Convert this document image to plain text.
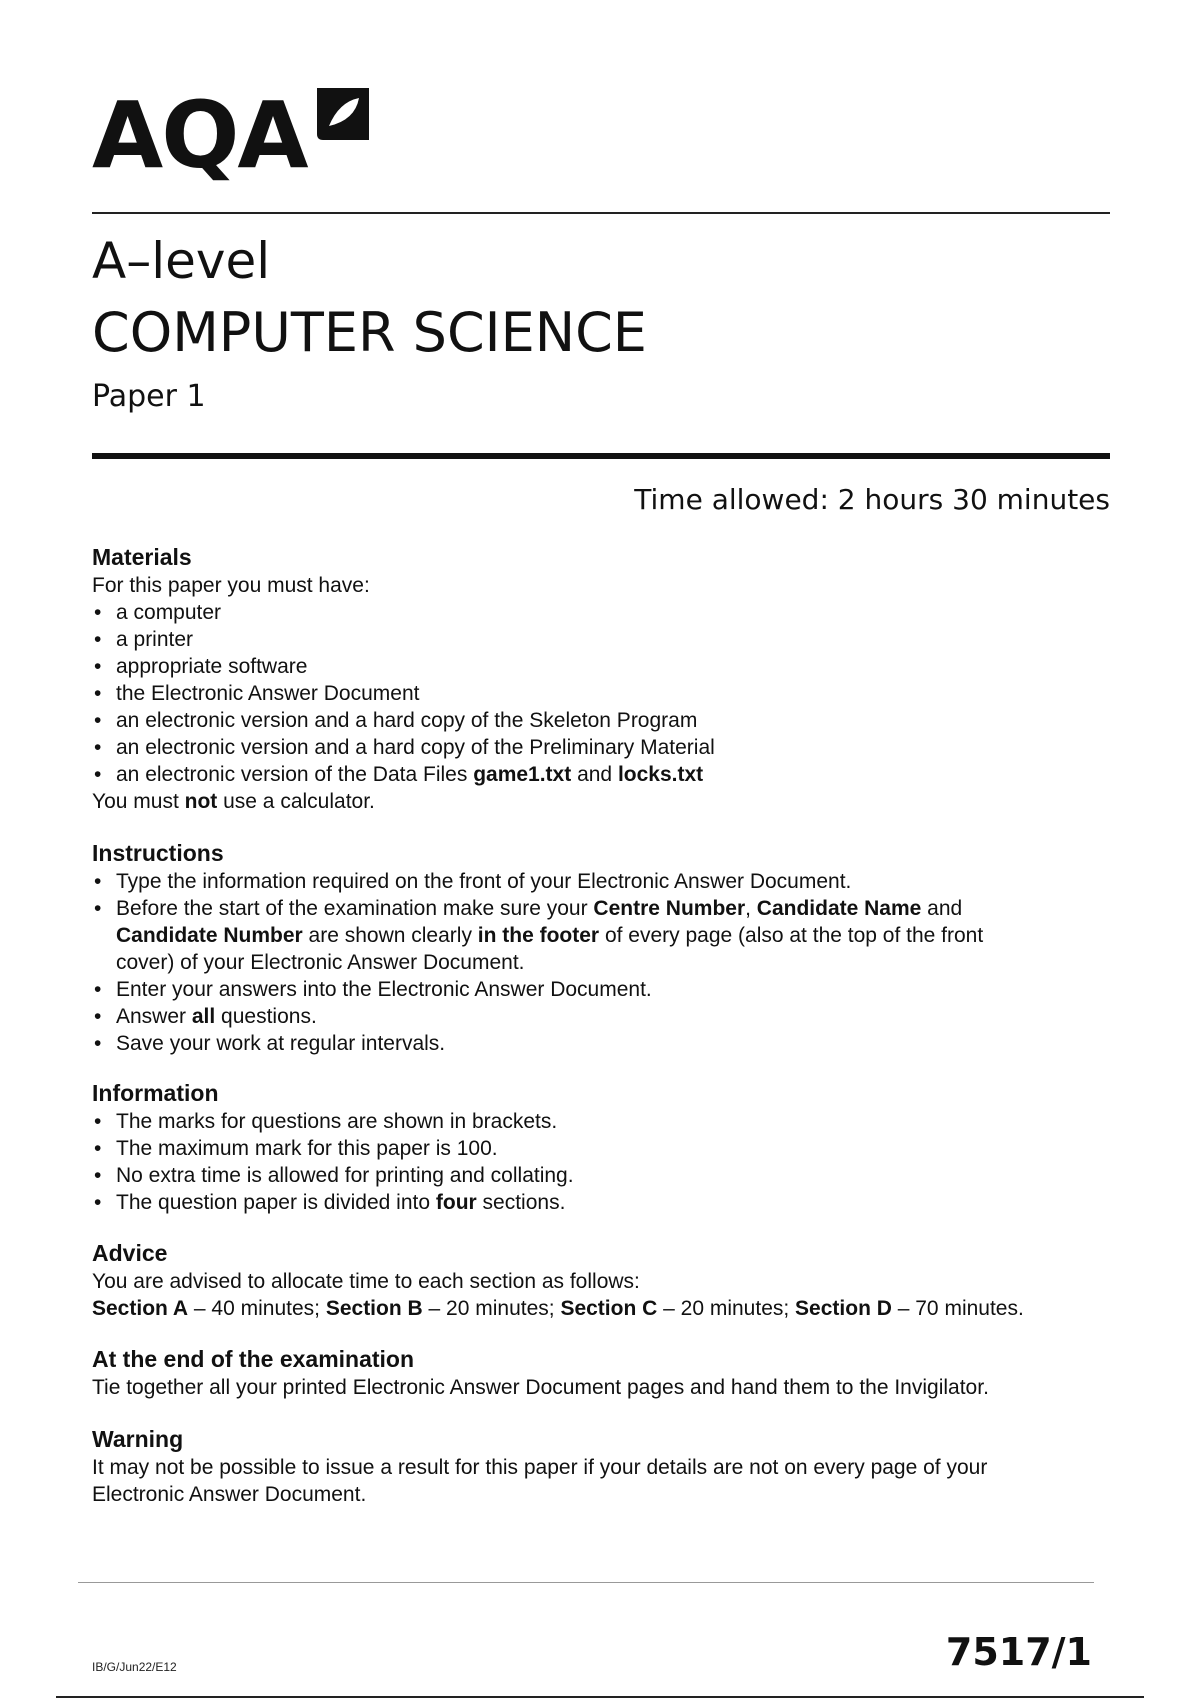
AQA
A–level
COMPUTER SCIENCE
Paper 1
Time allowed: 2 hours 30 minutes
Materials

For this paper you must have:

• a computer
• a printer
• appropriate software
• the Electronic Answer Document
• an electronic version and a hard copy of the Skeleton Program
• an electronic version and a hard copy of the Preliminary Material
• an electronic version of the Data Files game1.txt and locks.txt

You must not use a calculator.

Instructions
• Type the information required on the front of your Electronic Answer Document.
• Before the start of the examination make sure your Centre Number, Candidate Name and Candidate Number are shown clearly in the footer of every page (also at the top of the front cover) of your Electronic Answer Document.
• Enter your answers into the Electronic Answer Document.
• Answer all questions.
• Save your work at regular intervals.
Information
• The marks for questions are shown in brackets.
• The maximum mark for this paper is 100.
• No extra time is allowed for printing and collating.
• The question paper is divided into four sections.
Advice

You are advised to allocate time to each section as follows:

Section A – 40 minutes; Section B – 20 minutes; Section C – 20 minutes; Section D – 70 minutes.

At the end of the examination

Tie together all your printed Electronic Answer Document pages and hand them to the Invigilator.

Warning

It may not be possible to issue a result for this paper if your details are not on every page of your Electronic Answer Document.

IB/G/Jun22/E12	7517/1
